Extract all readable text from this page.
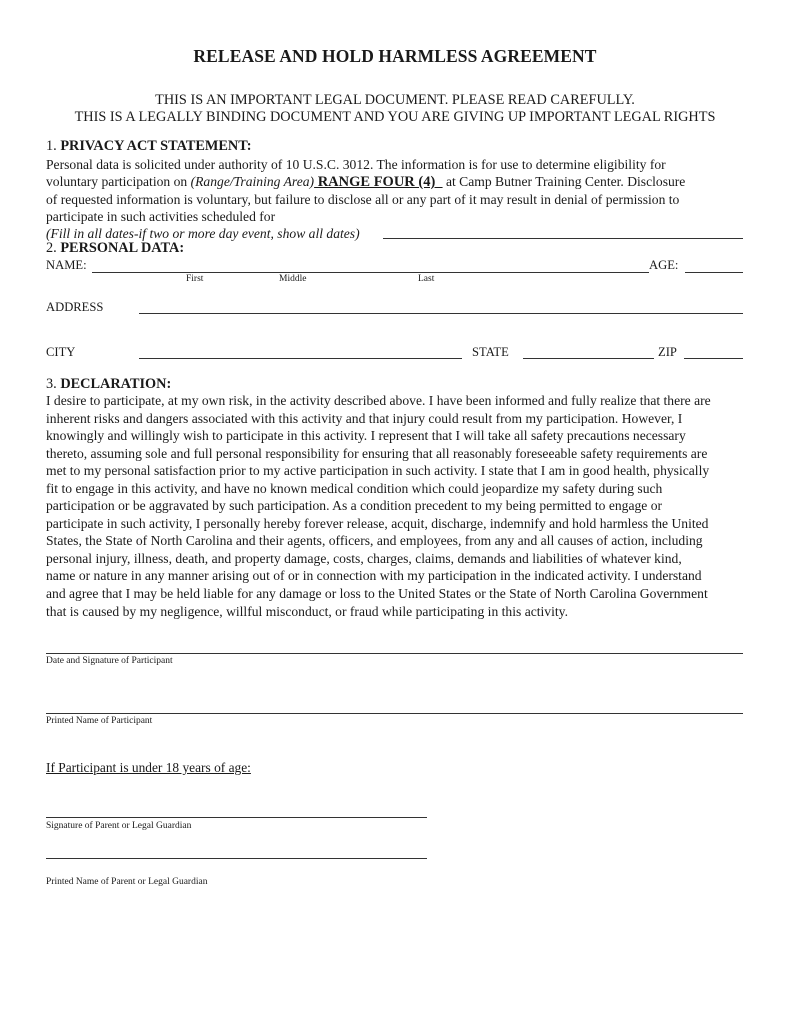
RELEASE AND HOLD HARMLESS AGREEMENT
THIS IS AN IMPORTANT LEGAL DOCUMENT. PLEASE READ CAREFULLY.
THIS IS A LEGALLY BINDING DOCUMENT AND YOU ARE GIVING UP IMPORTANT LEGAL RIGHTS
1. PRIVACY ACT STATEMENT:
Personal data is solicited under authority of 10 U.S.C. 3012. The information is for use to determine eligibility for
voluntary participation on (Range/Training Area) RANGE FOUR (4)   at Camp Butner Training Center. Disclosure
of requested information is voluntary, but failure to disclose all or any part of it may result in denial of permission to
participate in such activities scheduled for
(Fill in all dates-if two or more day event, show all dates)
2. PERSONAL DATA:
NAME:	AGE:
First	Middle	Last
ADDRESS
CITY	STATE	ZIP
3. DECLARATION:
I desire to participate, at my own risk, in the activity described above. I have been informed and fully realize that there are
inherent risks and dangers associated with this activity and that injury could result from my participation. However, I
knowingly and willingly wish to participate in this activity. I represent that I will take all safety precautions necessary
thereto, assuming sole and full personal responsibility for ensuring that all reasonably foreseeable safety requirements are
met to my personal satisfaction prior to my active participation in such activity. I state that I am in good health, physically
fit to engage in this activity, and have no known medical condition which could jeopardize my safety during such
participation or be aggravated by such participation. As a condition precedent to my being permitted to engage or
participate in such activity, I personally hereby forever release, acquit, discharge, indemnify and hold harmless the United
States, the State of North Carolina and their agents, officers, and employees, from any and all causes of action, including
personal injury, illness, death, and property damage, costs, charges, claims, demands and liabilities of whatever kind,
name or nature in any manner arising out of or in connection with my participation in the indicated activity. I understand
and agree that I may be held liable for any damage or loss to the United States or the State of North Carolina Government
that is caused by my negligence, willful misconduct, or fraud while participating in this activity.
Date and Signature of Participant
Printed Name of Participant
If Participant is under 18 years of age:
Signature of Parent or Legal Guardian
Printed Name of Parent or Legal Guardian
